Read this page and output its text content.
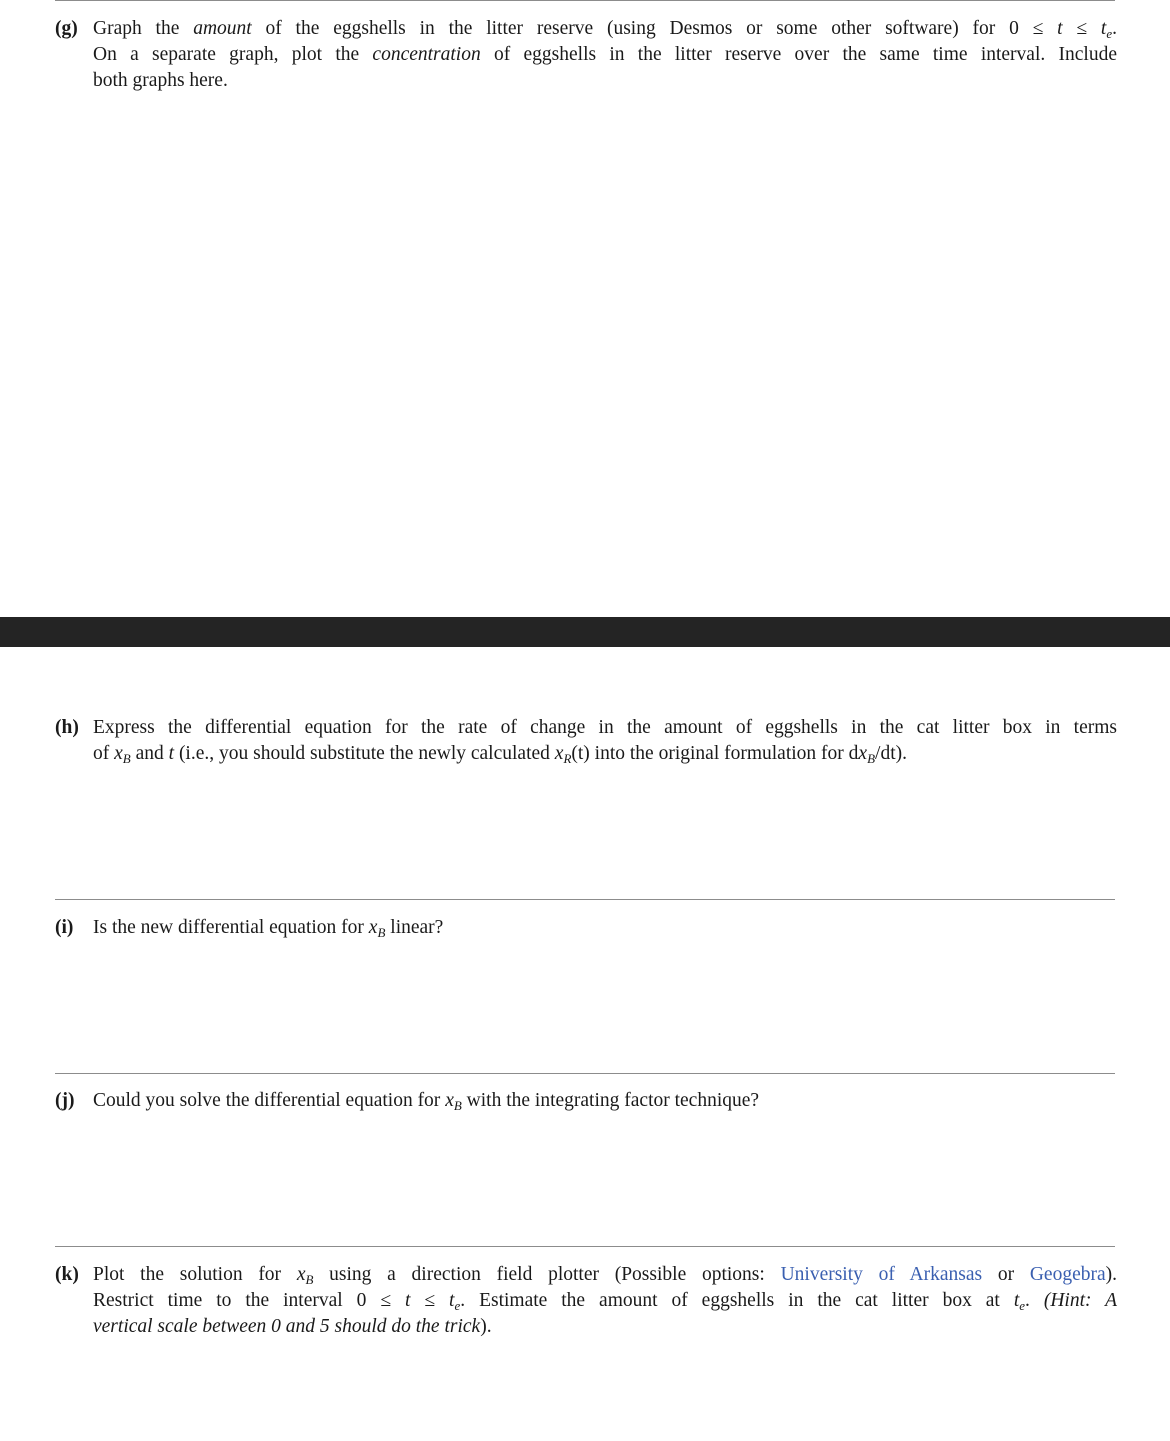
(g) Graph the amount of the eggshells in the litter reserve (using Desmos or some other software) for $0 \le t \le t_e$.
On a separate graph, plot the concentration of eggshells in the litter reserve over the same time interval. Include
both graphs here.
(h) Express the differential equation for the rate of change in the amount of eggshells in the cat litter box in terms
of $x_B$ and t (i.e., you should substitute the newly calculated $x_R(t)$ into the original formulation for $dx_B/dt$).
(i) Is the new differential equation for $x_B$ linear?
(j) Could you solve the differential equation for $x_B$ with the integrating factor technique?
(k) Plot the solution for $x_B$ using a direction field plotter (Possible options: University of Arkansas or Geogebra).
Restrict time to the interval $0 \le t \le t_e$. Estimate the amount of eggshells in the cat litter box at $t_e$. (Hint: A
vertical scale between 0 and 5 should do the trick).
